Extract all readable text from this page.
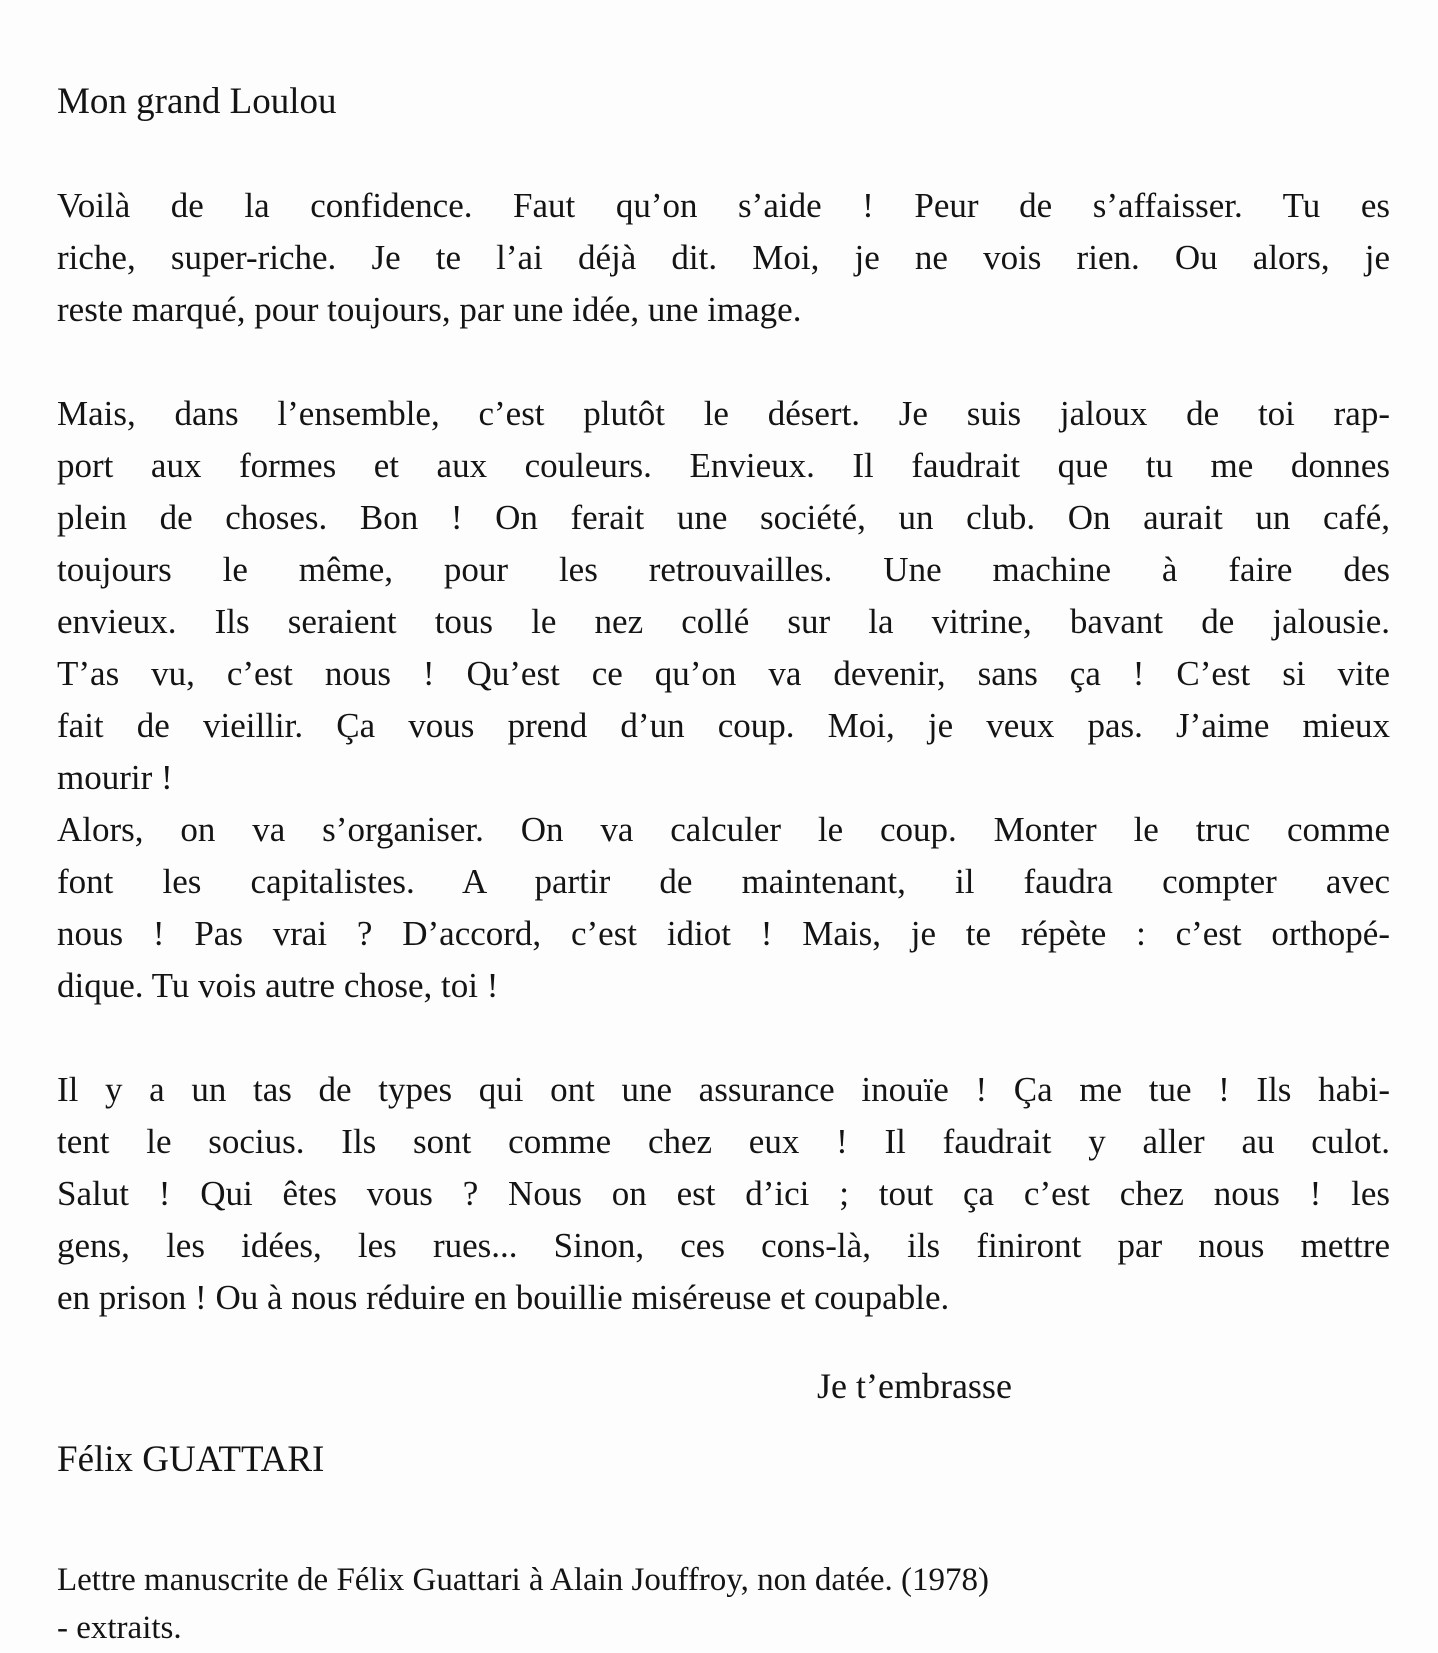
Mon grand Loulou
Voilà de la confidence. Faut qu’on s’aide ! Peur de s’affaisser. Tu es
riche, super-riche. Je te l’ai déjà dit. Moi, je ne vois rien. Ou alors, je
reste marqué, pour toujours, par une idée, une image.
Mais, dans l’ensemble, c’est plutôt le désert. Je suis jaloux de toi rap-
port aux formes et aux couleurs. Envieux. Il faudrait que tu me donnes
plein de choses. Bon ! On ferait une société, un club. On aurait un café,
toujours le même, pour les retrouvailles. Une machine à faire des
envieux. Ils seraient tous le nez collé sur la vitrine, bavant de jalousie.
T’as vu, c’est nous ! Qu’est ce qu’on va devenir, sans ça ! C’est si vite
fait de vieillir. Ça vous prend d’un coup. Moi, je veux pas. J’aime mieux
mourir !
Alors, on va s’organiser. On va calculer le coup. Monter le truc comme
font les capitalistes. A partir de maintenant, il faudra compter avec
nous ! Pas vrai ? D’accord, c’est idiot ! Mais, je te répète : c’est orthopé-
dique. Tu vois autre chose, toi !
Il y a un tas de types qui ont une assurance inouïe ! Ça me tue ! Ils habi-
tent le socius. Ils sont comme chez eux ! Il faudrait y aller au culot.
Salut ! Qui êtes vous ? Nous on est d’ici ; tout ça c’est chez nous ! les
gens, les idées, les rues... Sinon, ces cons-là, ils finiront par nous mettre
en prison ! Ou à nous réduire en bouillie miséreuse et coupable.
Je t’embrasse
Félix GUATTARI
Lettre manuscrite de Félix Guattari à Alain Jouffroy, non datée. (1978)
- extraits.
